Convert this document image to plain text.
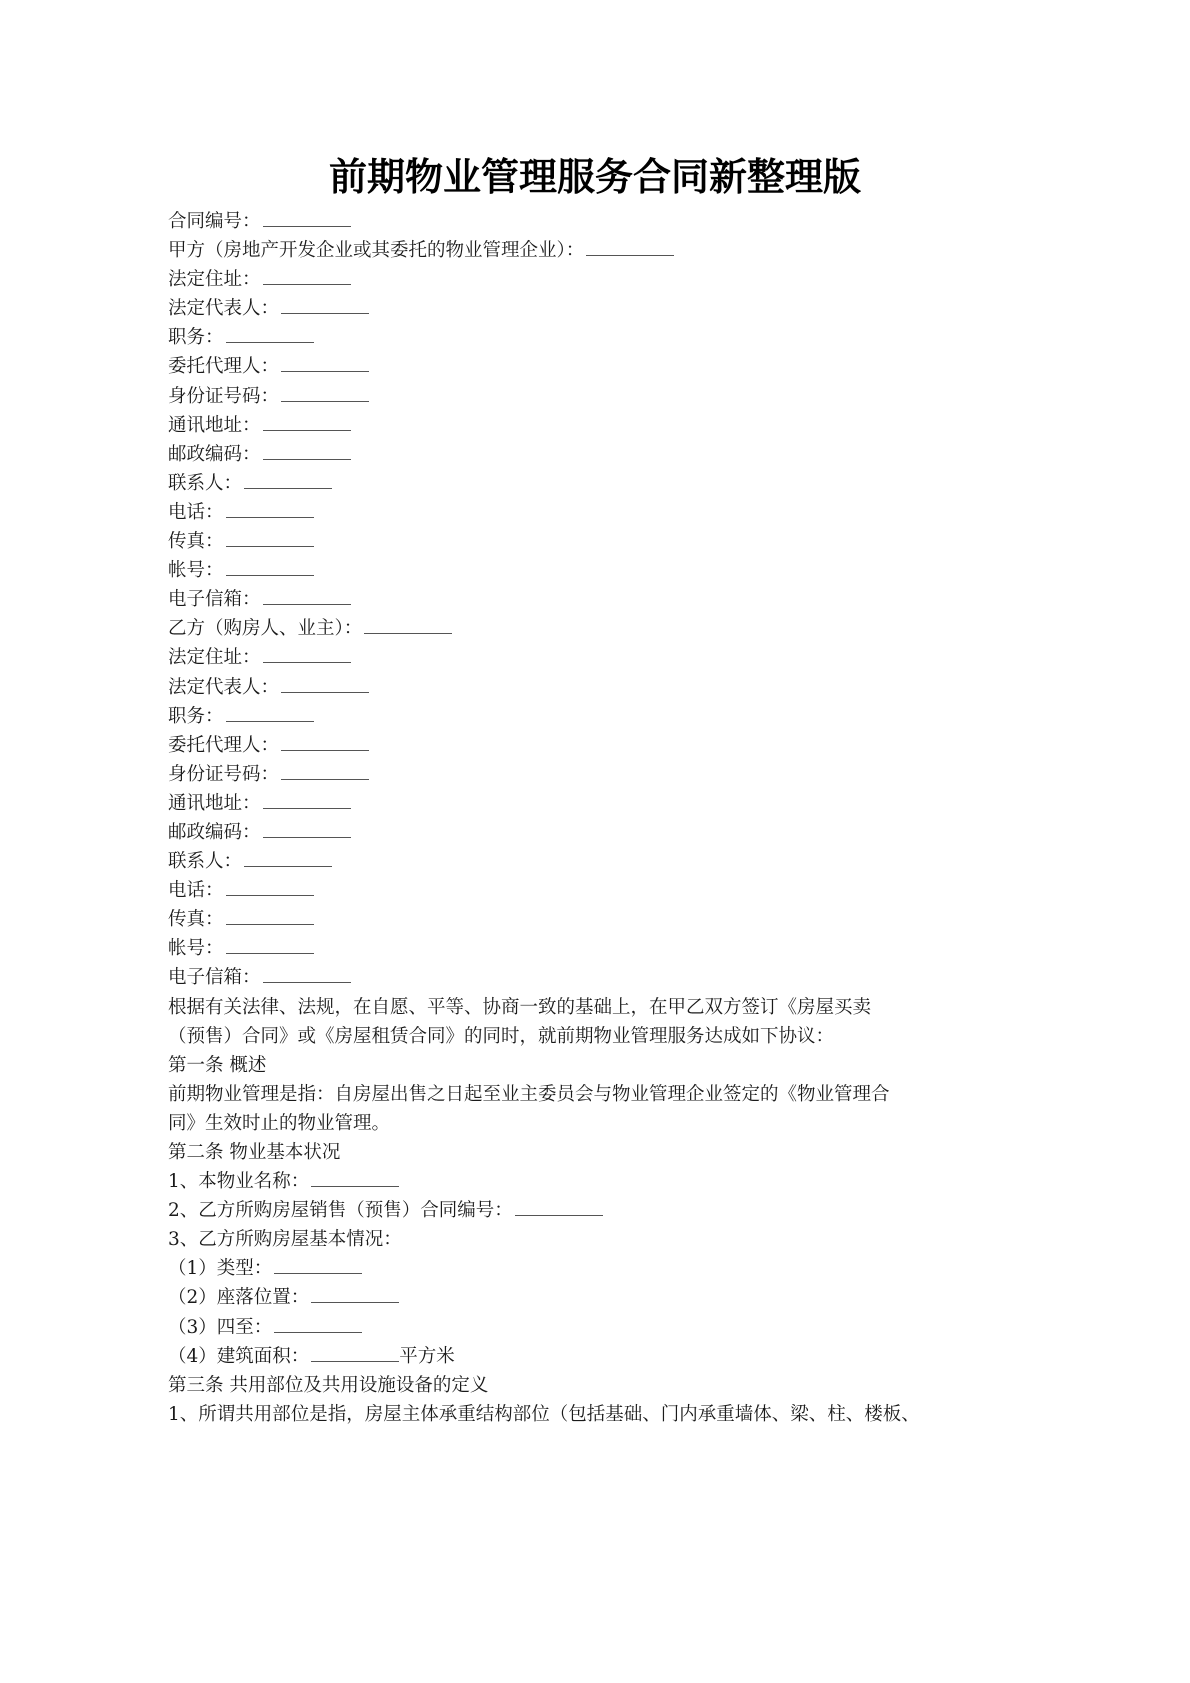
前期物业管理服务合同新整理版
合同编号：
甲方（房地产开发企业或其委托的物业管理企业）：
法定住址：
法定代表人：
职务：
委托代理人：
身份证号码：
通讯地址：
邮政编码：
联系人：
电话：
传真：
帐号：
电子信箱：
乙方（购房人、业主）：
法定住址：
法定代表人：
职务：
委托代理人：
身份证号码：
通讯地址：
邮政编码：
联系人：
电话：
传真：
帐号：
电子信箱：
根据有关法律、法规，在自愿、平等、协商一致的基础上，在甲乙双方签订《房屋买卖
（预售）合同》或《房屋租赁合同》的同时，就前期物业管理服务达成如下协议：
第一条 概述
前期物业管理是指：自房屋出售之日起至业主委员会与物业管理企业签定的《物业管理合
同》生效时止的物业管理。
第二条 物业基本状况
1、本物业名称：
2、乙方所购房屋销售（预售）合同编号：
3、乙方所购房屋基本情况：
（1）类型：
（2）座落位置：
（3）四至：
（4）建筑面积：	平方米
第三条 共用部位及共用设施设备的定义
1、所谓共用部位是指，房屋主体承重结构部位（包括基础、门内承重墙体、梁、柱、楼板、
